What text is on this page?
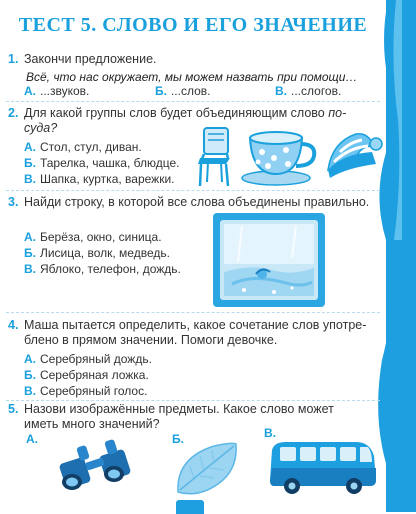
ТЕСТ 5. СЛОВО И ЕГО ЗНАЧЕНИЕ
1. Закончи предложение.
Всё, что нас окружает, мы можем назвать при помощи…
А. ...звуков.	Б. ...слов.	В. ...слогов.
2. Для какой группы слов будет объединяющим слово по-
суда?
А. Стол, стул, диван.
Б. Тарелка, чашка, блюдце.
В. Шапка, куртка, варежки.
3. Найди строку, в которой все слова объединены правильно.
А. Берёза, окно, синица.
Б. Лисица, волк, медведь.
В. Яблоко, телефон, дождь.
4. Маша пытается определить, какое сочетание слов употре-
блено в прямом значении. Помоги девочке.
А. Серебряный дождь.
Б. Серебряная ложка.
В. Серебряный голос.
5. Назови изображённые предметы. Какое слово может
иметь много значений?
А.	Б.	В.
